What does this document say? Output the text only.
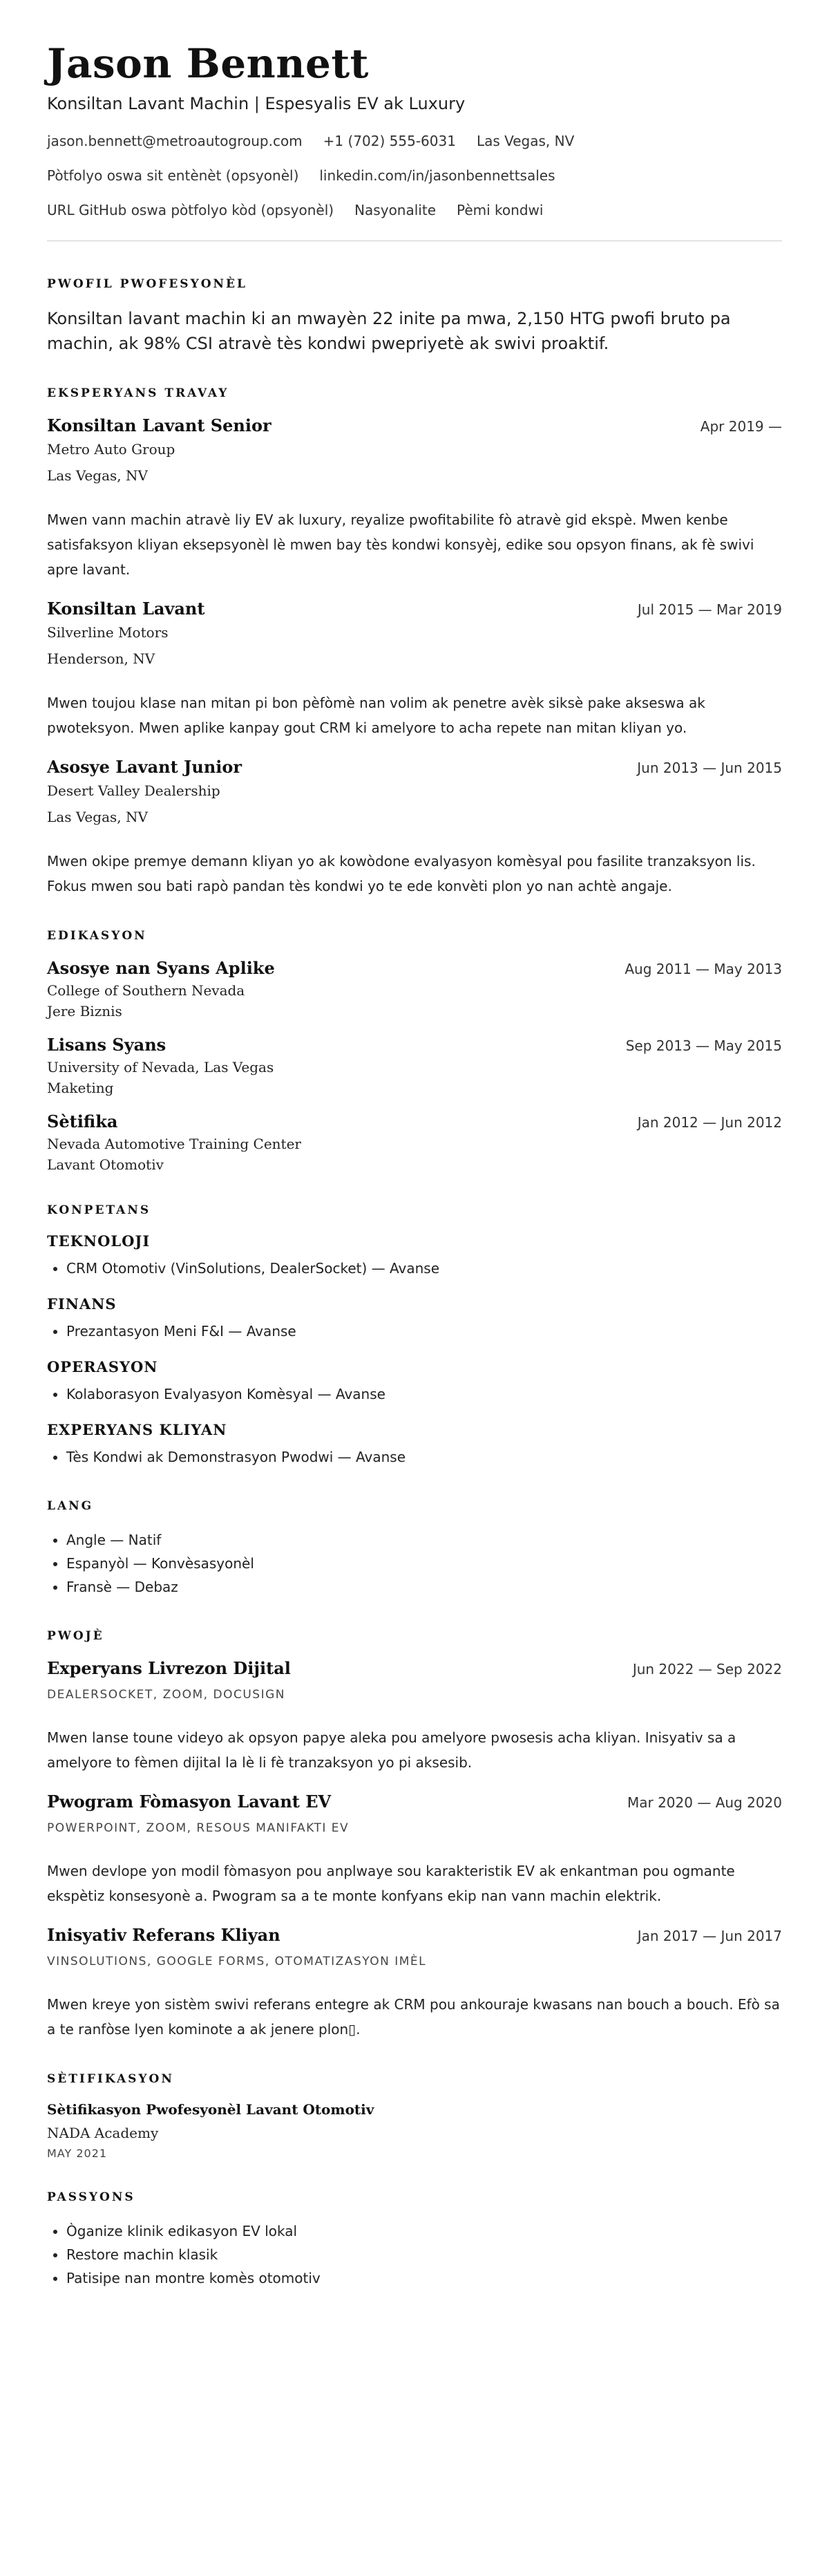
Jason Bennett
Konsiltan Lavant Machin | Espesyalis EV ak Luxury
jason.bennett@metroautogroup.com +1 (702) 555-6031 Las Vegas, NV
Pòtfolyo oswa sit entènèt (opsyonèl) linkedin.com/in/jasonbennettsales
URL GitHub oswa pòtfolyo kòd (opsyonèl) Nasyonalite Pèmi kondwi
PWOFIL PWOFESYONÈL
Konsiltan lavant machin ki an mwayèn 22 inite pa mwa, 2,150 HTG pwofi bruto pa machin, ak 98% CSI atravè tès kondwi pwepriyetè ak swivi proaktif.
EKSPERYANS TRAVAY
Konsiltan Lavant Senior	Apr 2019 —
Metro Auto Group
Las Vegas, NV
Mwen vann machin atravè liy EV ak luxury, reyalize pwofitabilite fò atravè gid ekspè. Mwen kenbe satisfaksyon kliyan eksepsyonèl lè mwen bay tès kondwi konsyèj, edike sou opsyon finans, ak fè swivi apre lavant.
Konsiltan Lavant	Jul 2015 — Mar 2019
Silverline Motors
Henderson, NV
Mwen toujou klase nan mitan pi bon pèfòmè nan volim ak penetre avèk siksè pake akseswa ak pwoteksyon. Mwen aplike kanpay gout CRM ki amelyore to acha repete nan mitan kliyan yo.
Asosye Lavant Junior	Jun 2013 — Jun 2015
Desert Valley Dealership
Las Vegas, NV
Mwen okipe premye demann kliyan yo ak kowòdone evalyasyon komèsyal pou fasilite tranzaksyon lis. Fokus mwen sou bati rapò pandan tès kondwi yo te ede konvèti plon yo nan achtè angaje.
EDIKASYON
Asosye nan Syans Aplike	Aug 2011 — May 2013
College of Southern Nevada
Jere Biznis
Lisans Syans	Sep 2013 — May 2015
University of Nevada, Las Vegas
Maketing
Sètifika	Jan 2012 — Jun 2012
Nevada Automotive Training Center
Lavant Otomotiv
KONPETANS
TEKNOLOJI
• CRM Otomotiv (VinSolutions, DealerSocket) — Avanse
FINANS
• Prezantasyon Meni F&I — Avanse
OPERASYON
• Kolaborasyon Evalyasyon Komèsyal — Avanse
EXPERYANS KLIYAN
• Tès Kondwi ak Demonstrasyon Pwodwi — Avanse
LANG
• Angle — Natif
• Espanyòl — Konvèsasyonèl
• Fransè — Debaz
PWOJÈ
Experyans Livrezon Dijital	Jun 2022 — Sep 2022
DEALERSOCKET, ZOOM, DOCUSIGN
Mwen lanse toune videyo ak opsyon papye aleka pou amelyore pwosesis acha kliyan. Inisyativ sa a amelyore to fèmen dijital la lè li fè tranzaksyon yo pi aksesib.
Pwogram Fòmasyon Lavant EV	Mar 2020 — Aug 2020
POWERPOINT, ZOOM, RESOUS MANIFAKTI EV
Mwen devlope yon modil fòmasyon pou anplwaye sou karakteristik EV ak enkantman pou ogmante ekspètiz konsesyonè a. Pwogram sa a te monte konfyans ekip nan vann machin elektrik.
Inisyativ Referans Kliyan	Jan 2017 — Jun 2017
VINSOLUTIONS, GOOGLE FORMS, OTOMATIZASYON IMÈL
Mwen kreye yon sistèm swivi referans entegre ak CRM pou ankouraje kwasans nan bouch a bouch. Efò sa a te ranfòse lyen kominote a ak jenere plon▯.
SÈTIFIKASYON
Sètifikasyon Pwofesyonèl Lavant Otomotiv
NADA Academy
MAY 2021
PASSYONS
• Òganize klinik edikasyon EV lokal
• Restore machin klasik
• Patisipe nan montre komès otomotiv
